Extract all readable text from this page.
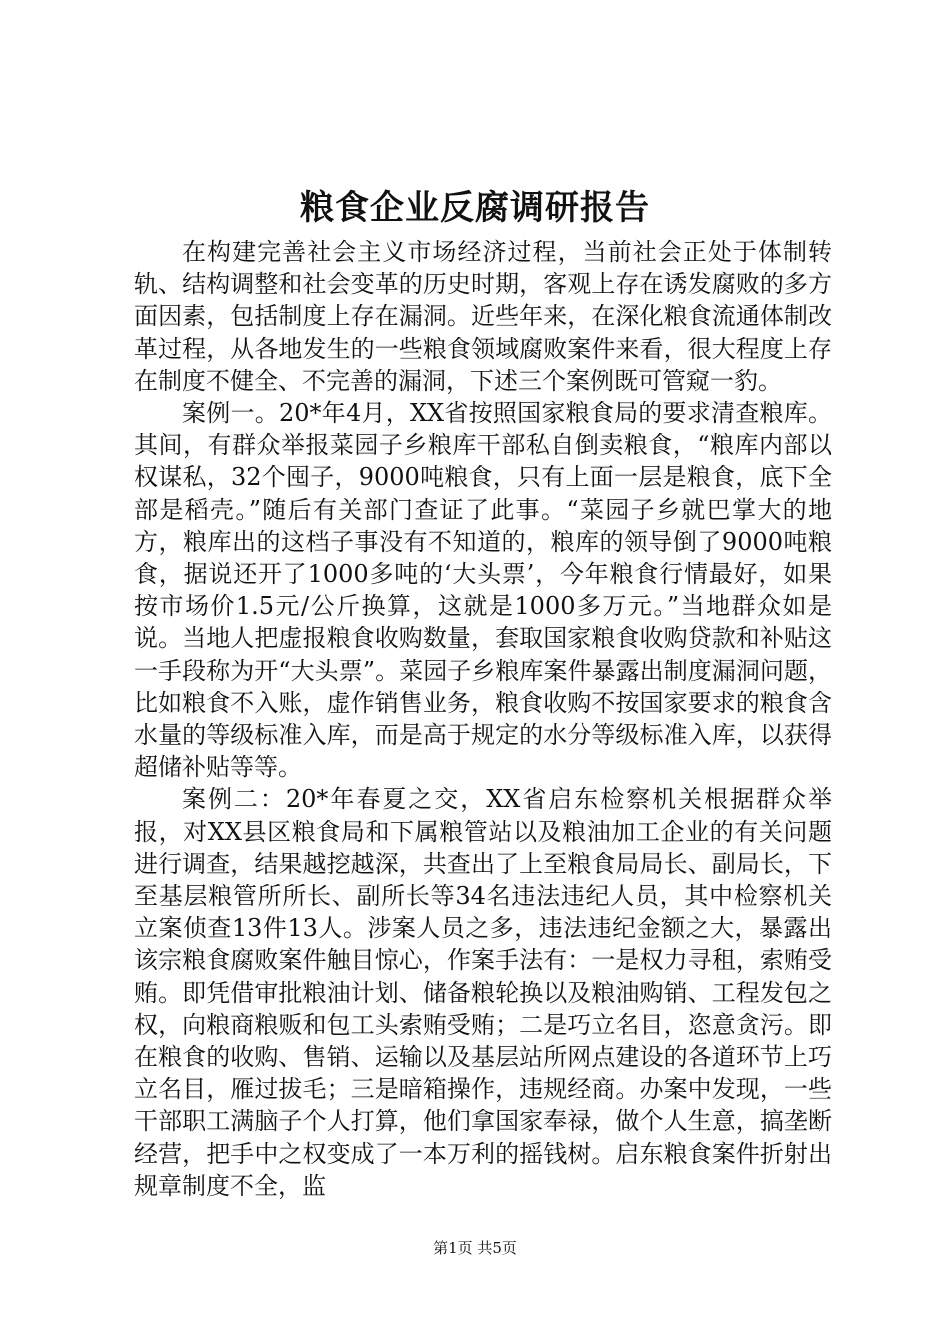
粮食企业反腐调研报告

在构建完善社会主义市场经济过程，当前社会正处于体制转轨、结构调整和社会变革的历史时期，客观上存在诱发腐败的多方面因素，包括制度上存在漏洞。近些年来，在深化粮食流通体制改革过程，从各地发生的一些粮食领域腐败案件来看，很大程度上存在制度不健全、不完善的漏洞，下述三个案例既可管窥一豹。

案例一。20*年4月，XX省按照国家粮食局的要求清查粮库。其间，有群众举报菜园子乡粮库干部私自倒卖粮食，“粮库内部以权谋私，32个囤子，9000吨粮食，只有上面一层是粮食，底下全部是稻壳。”随后有关部门查证了此事。“菜园子乡就巴掌大的地方，粮库出的这档子事没有不知道的，粮库的领导倒了9000吨粮食，据说还开了1000多吨的‘大头票’，今年粮食行情最好，如果按市场价1.5元/公斤换算，这就是1000多万元。”当地群众如是说。当地人把虚报粮食收购数量，套取国家粮食收购贷款和补贴这一手段称为开“大头票”。菜园子乡粮库案件暴露出制度漏洞问题，比如粮食不入账，虚作销售业务，粮食收购不按国家要求的粮食含水量的等级标准入库，而是高于规定的水分等级标准入库，以获得超储补贴等等。

案例二：20*年春夏之交，XX省启东检察机关根据群众举报，对XX县区粮食局和下属粮管站以及粮油加工企业的有关问题进行调查，结果越挖越深，共查出了上至粮食局局长、副局长，下至基层粮管所所长、副所长等34名违法违纪人员，其中检察机关立案侦查13件13人。涉案人员之多，违法违纪金额之大，暴露出该宗粮食腐败案件触目惊心，作案手法有：一是权力寻租，索贿受贿。即凭借审批粮油计划、储备粮轮换以及粮油购销、工程发包之权，向粮商粮贩和包工头索贿受贿；二是巧立名目，恣意贪污。即在粮食的收购、售销、运输以及基层站所网点建设的各道环节上巧立名目，雁过拔毛；三是暗箱操作，违规经商。办案中发现，一些干部职工满脑子个人打算，他们拿国家奉禄，做个人生意，搞垄断经营，把手中之权变成了一本万利的摇钱树。启东粮食案件折射出规章制度不全，监

第1页 共5页
